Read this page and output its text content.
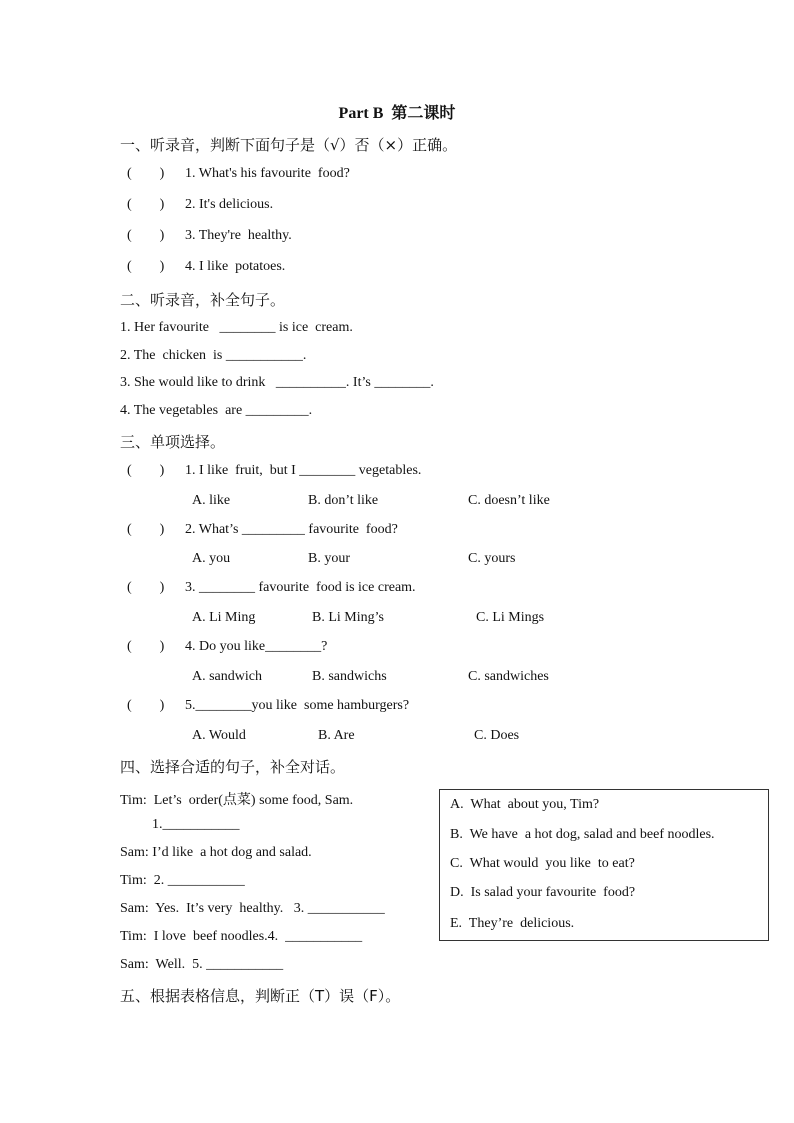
Part B  第二课时
一、听录音，判断下面句子是（√）否（×）正确。
(        ) 1. What's his favourite  food?
(        ) 2. It's delicious.
(        ) 3. They're  healthy.
(        ) 4. I like  potatoes.
二、听录音，补全句子。
1. Her favourite   ________ is ice  cream.
2. The  chicken  is ___________.
3. She would like to drink   __________. It’s ________.
4. The vegetables  are _________.
三、单项选择。
(        ) 1. I like  fruit,  but I ________ vegetables.
A. like	B. don’t like	C. doesn’t like
(        ) 2. What’s _________ favourite  food?
A. you	B. your	C. yours
(        ) 3. ________ favourite  food is ice cream.
A. Li Ming	B. Li Ming’s	C. Li Mings
(        ) 4. Do you like________?
A. sandwich	B. sandwichs	C. sandwiches
(        ) 5.________you like  some hamburgers?
A. Would	B. Are	C. Does
四、选择合适的句子，补全对话。
Tim:  Let’s  order(点菜) some food, Sam.
1.___________
Sam: I’d like  a hot dog and salad.
Tim:  2. ___________
Sam:  Yes.  It’s very  healthy.   3. ___________
Tim:  I love  beef noodles.4.  ___________
Sam:  Well.  5. ___________
A.  What  about you, Tim?
B.  We have  a hot dog, salad and beef noodles.
C.  What would  you like  to eat?
D.  Is salad your favourite  food?
E.  They’re  delicious.
五、根据表格信息，判断正（T）误（F）。
